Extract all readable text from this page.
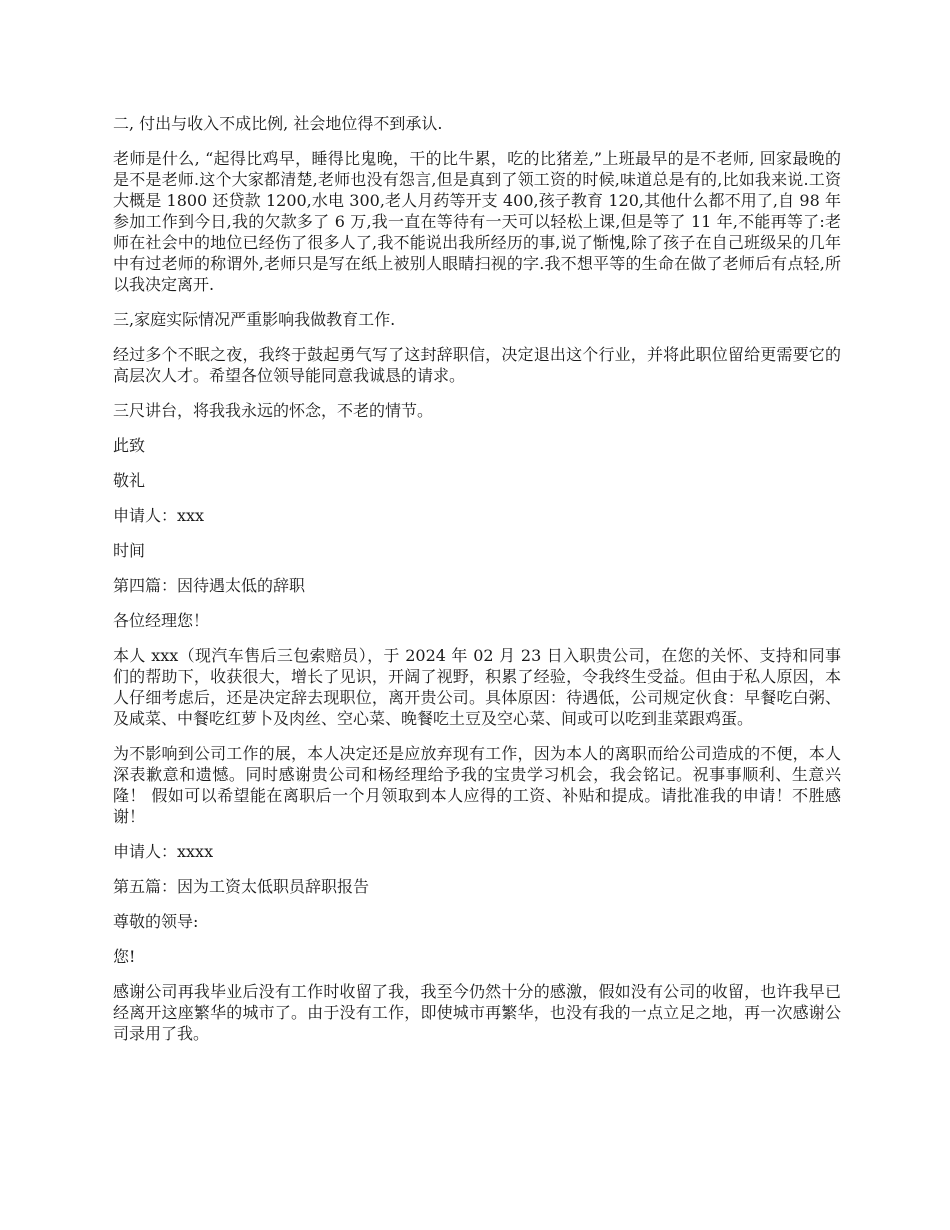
二, 付出与收入不成比例, 社会地位得不到承认.

老师是什么, “起得比鸡早，睡得比鬼晚，干的比牛累，吃的比猪差,”上班最早的是不老师, 回家最晚的是不是老师.这个大家都清楚,老师也没有怨言,但是真到了领工资的时候,味道总是有的,比如我来说.工资大概是 1800 还贷款 1200,水电 300,老人月药等开支 400,孩子教育 120,其他什么都不用了,自 98 年参加工作到今日,我的欠款多了 6 万,我一直在等待有一天可以轻松上课,但是等了 11 年,不能再等了:老师在社会中的地位已经伤了很多人了,我不能说出我所经历的事,说了惭愧,除了孩子在自己班级呆的几年中有过老师的称谓外,老师只是写在纸上被别人眼睛扫视的字.我不想平等的生命在做了老师后有点轻,所以我决定离开.

三,家庭实际情况严重影响我做教育工作.

经过多个不眠之夜，我终于鼓起勇气写了这封辞职信，决定退出这个行业，并将此职位留给更需要它的高层次人才。希望各位领导能同意我诚恳的请求。

三尺讲台，将我我永远的怀念，不老的情节。

此致

敬礼

申请人：xxx

时间

第四篇：因待遇太低的辞职

各位经理您！

本人 xxx（现汽车售后三包索赔员），于 2024 年 02 月 23 日入职贵公司，在您的关怀、支持和同事们的帮助下，收获很大，增长了见识，开阔了视野，积累了经验，令我终生受益。但由于私人原因，本人仔细考虑后，还是决定辞去现职位，离开贵公司。具体原因：待遇低，公司规定伙食：早餐吃白粥、及咸菜、中餐吃红萝卜及肉丝、空心菜、晚餐吃土豆及空心菜、间或可以吃到韭菜跟鸡蛋。

为不影响到公司工作的展，本人决定还是应放弃现有工作，因为本人的离职而给公司造成的不便，本人深表歉意和遗憾。同时感谢贵公司和杨经理给予我的宝贵学习机会，我会铭记。祝事事顺利、生意兴隆！ 假如可以希望能在离职后一个月领取到本人应得的工资、补贴和提成。请批准我的申请！不胜感谢！

申请人：xxxx

第五篇：因为工资太低职员辞职报告

尊敬的领导:

您!

感谢公司再我毕业后没有工作时收留了我，我至今仍然十分的感激，假如没有公司的收留，也许我早已经离开这座繁华的城市了。由于没有工作，即使城市再繁华，也没有我的一点立足之地，再一次感谢公司录用了我。
